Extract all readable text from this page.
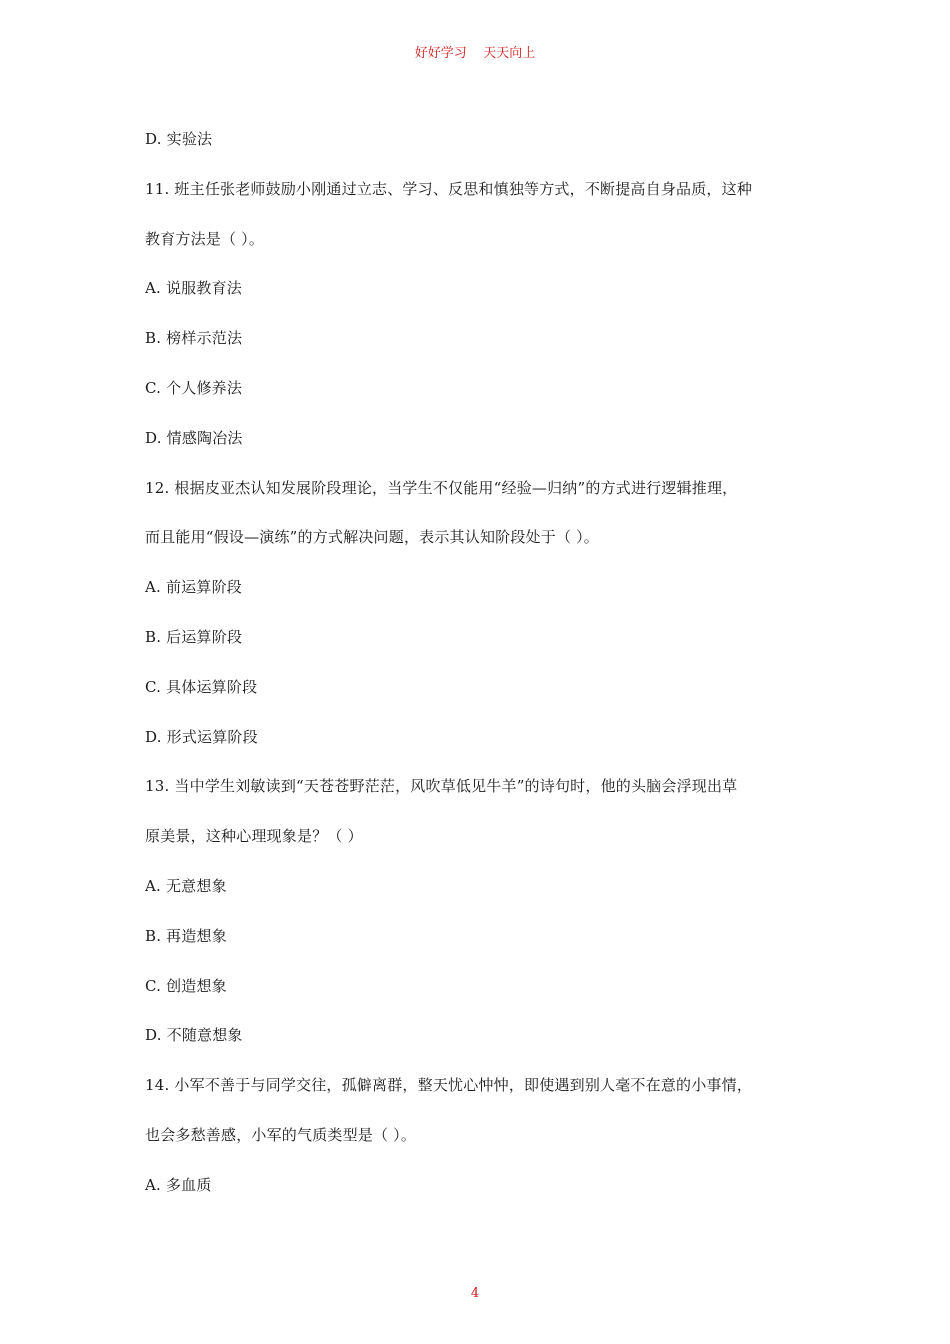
好好学习    天天向上
D. 实验法
11. 班主任张老师鼓励小刚通过立志、学习、反思和慎独等方式，不断提高自身品质，这种
教育方法是（ ）。
A. 说服教育法
B. 榜样示范法
C. 个人修养法
D. 情感陶冶法
12. 根据皮亚杰认知发展阶段理论，当学生不仅能用“经验—归纳”的方式进行逻辑推理，
而且能用“假设—演练”的方式解决问题，表示其认知阶段处于（ ）。
A. 前运算阶段
B. 后运算阶段
C. 具体运算阶段
D. 形式运算阶段
13. 当中学生刘敏读到“天苍苍野茫茫，风吹草低见牛羊”的诗句时，他的头脑会浮现出草
原美景，这种心理现象是？（ ）
A. 无意想象
B. 再造想象
C. 创造想象
D. 不随意想象
14. 小军不善于与同学交往，孤僻离群，整天忧心忡忡，即使遇到别人毫不在意的小事情，
也会多愁善感，小军的气质类型是（ ）。
A. 多血质
4
